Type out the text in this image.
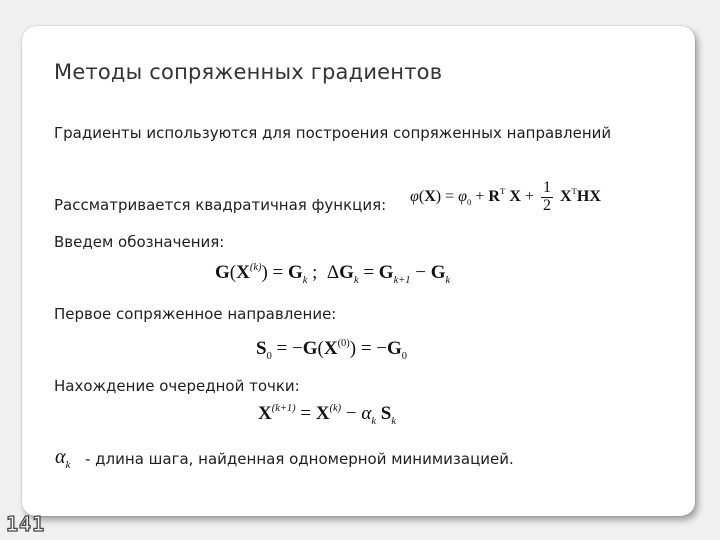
Методы сопряженных градиентов
Градиенты используются для построения сопряженных направлений
Рассматривается квадратичная функция: $\varphi(X) = \varphi_0 + R^T$ $X + \frac{1}{2} X^THX$
Введем обозначения:
$G(X^{(k)}) = G_k$ ;  $\Delta G_k = G_{k+1} - G_k$
Первое сопряженное направление:
$S_0 = -G(X^{(0)}) = -G_0$
Нахождение очередной точки:
$X^{(k+1)} = X^{(k)} - \alpha_k$ $S_k$
$\alpha_k$ - длина шага, найденная одномерной минимизацией.
141
